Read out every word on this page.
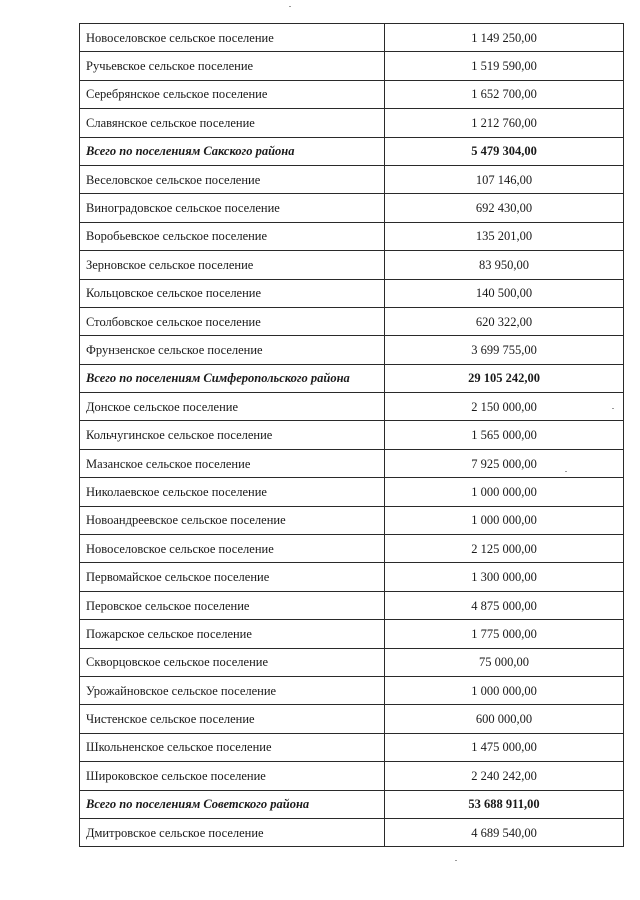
Новоселовское сельское поселение	1 149 250,00
Ручьевское сельское поселение	1 519 590,00
Серебрянское сельское поселение	1 652 700,00
Славянское сельское поселение	1 212 760,00
Всего по поселениям Сакского района	5 479 304,00
Веселовское сельское поселение	107 146,00
Виноградовское сельское поселение	692 430,00
Воробьевское сельское поселение	135 201,00
Зерновское сельское поселение	83 950,00
Кольцовское сельское поселение	140 500,00
Столбовское сельское поселение	620 322,00
Фрунзенское сельское поселение	3 699 755,00
Всего по поселениям Симферопольского района	29 105 242,00
Донское сельское поселение	2 150 000,00
Кольчугинское сельское поселение	1 565 000,00
Мазанское сельское поселение	7 925 000,00
Николаевское сельское поселение	1 000 000,00
Новоандреевское сельское поселение	1 000 000,00
Новоселовское сельское поселение	2 125 000,00
Первомайское сельское поселение	1 300 000,00
Перовское сельское поселение	4 875 000,00
Пожарское сельское поселение	1 775 000,00
Скворцовское сельское поселение	75 000,00
Урожайновское сельское поселение	1 000 000,00
Чистенское сельское поселение	600 000,00
Школьненское сельское поселение	1 475 000,00
Широковское сельское поселение	2 240 242,00
Всего по поселениям Советского района	53 688 911,00
Дмитровское сельское поселение	4 689 540,00
